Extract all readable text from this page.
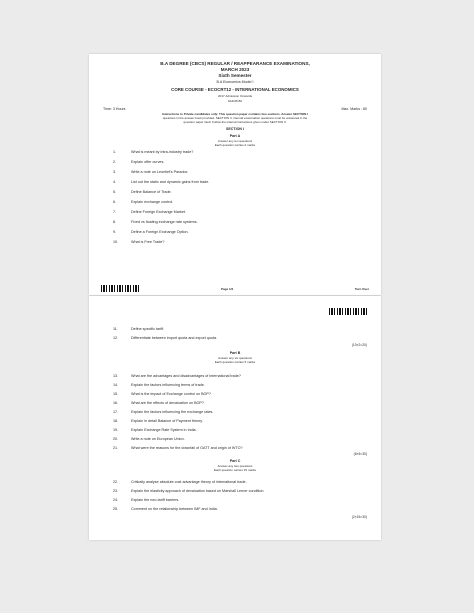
B.A DEGREE (CBCS) REGULAR / REAPPEARANCE EXAMINATIONS,
MARCH 2023
Sixth Semester
B.A Economics Model I
CORE COURSE - ECOCRT12 - INTERNATIONAL ECONOMICS
2017 Admission Onwards
0A4C8152
Time: 3 Hours	Max. Marks : 80
Instructions to Private candidates only: This question paper contains two sections. Answer SECTION I
questions in the answer-book provided. SECTION II, internal examination questions must be answered in the
question paper itself. Follow the internal instructions given under SECTION II.
SECTION I
Part A
Answer any ten questions
Each question carries 2 marks
1.	What is meant by intra-industry trade?
2.	Explain offer curves.
3.	Write a note on Leontief's Paradox.
4.	List out the static and dynamic gains from trade.
5.	Define Balance of Trade.
6.	Explain exchange control.
7.	Define Foreign Exchange Market.
8.	Fixed vs floating exchange rate systems.
9.	Define a Foreign Exchange Option.
10.	What is Free Trade?
Page 1/2	Turn Over
11.	Define specific tariff.
12.	Differentiate between import quota and export quota.
(10×2=20)
Part B
Answer any six questions
Each question carries 5 marks
13.	What are the advantages and disadvantages of international trade?
14.	Explain the factors influencing terms of trade.
15.	What is the impact of Exchange control on BOP?
16.	What are the effects of devaluation on BOP?
17.	Explain the factors influencing the exchange rates.
18.	Explain in detail Balance of Payment theory.
19.	Explain Exchange Rate System in India.
20.	Write a note on European Union.
21.	What were the reasons for the downfall of GATT and origin of WTO?
(6×5=30)
Part C
Answer any two questions
Each question carries 15 marks
22.	Critically analyse absolute cost advantage theory of international trade.
23.	Explain the elasticity approach of devaluation based on Marshall Lerner condition.
24.	Explain the neo-tariff barriers.
25.	Comment on the relationship between IMF and India.
(2×15=30)
